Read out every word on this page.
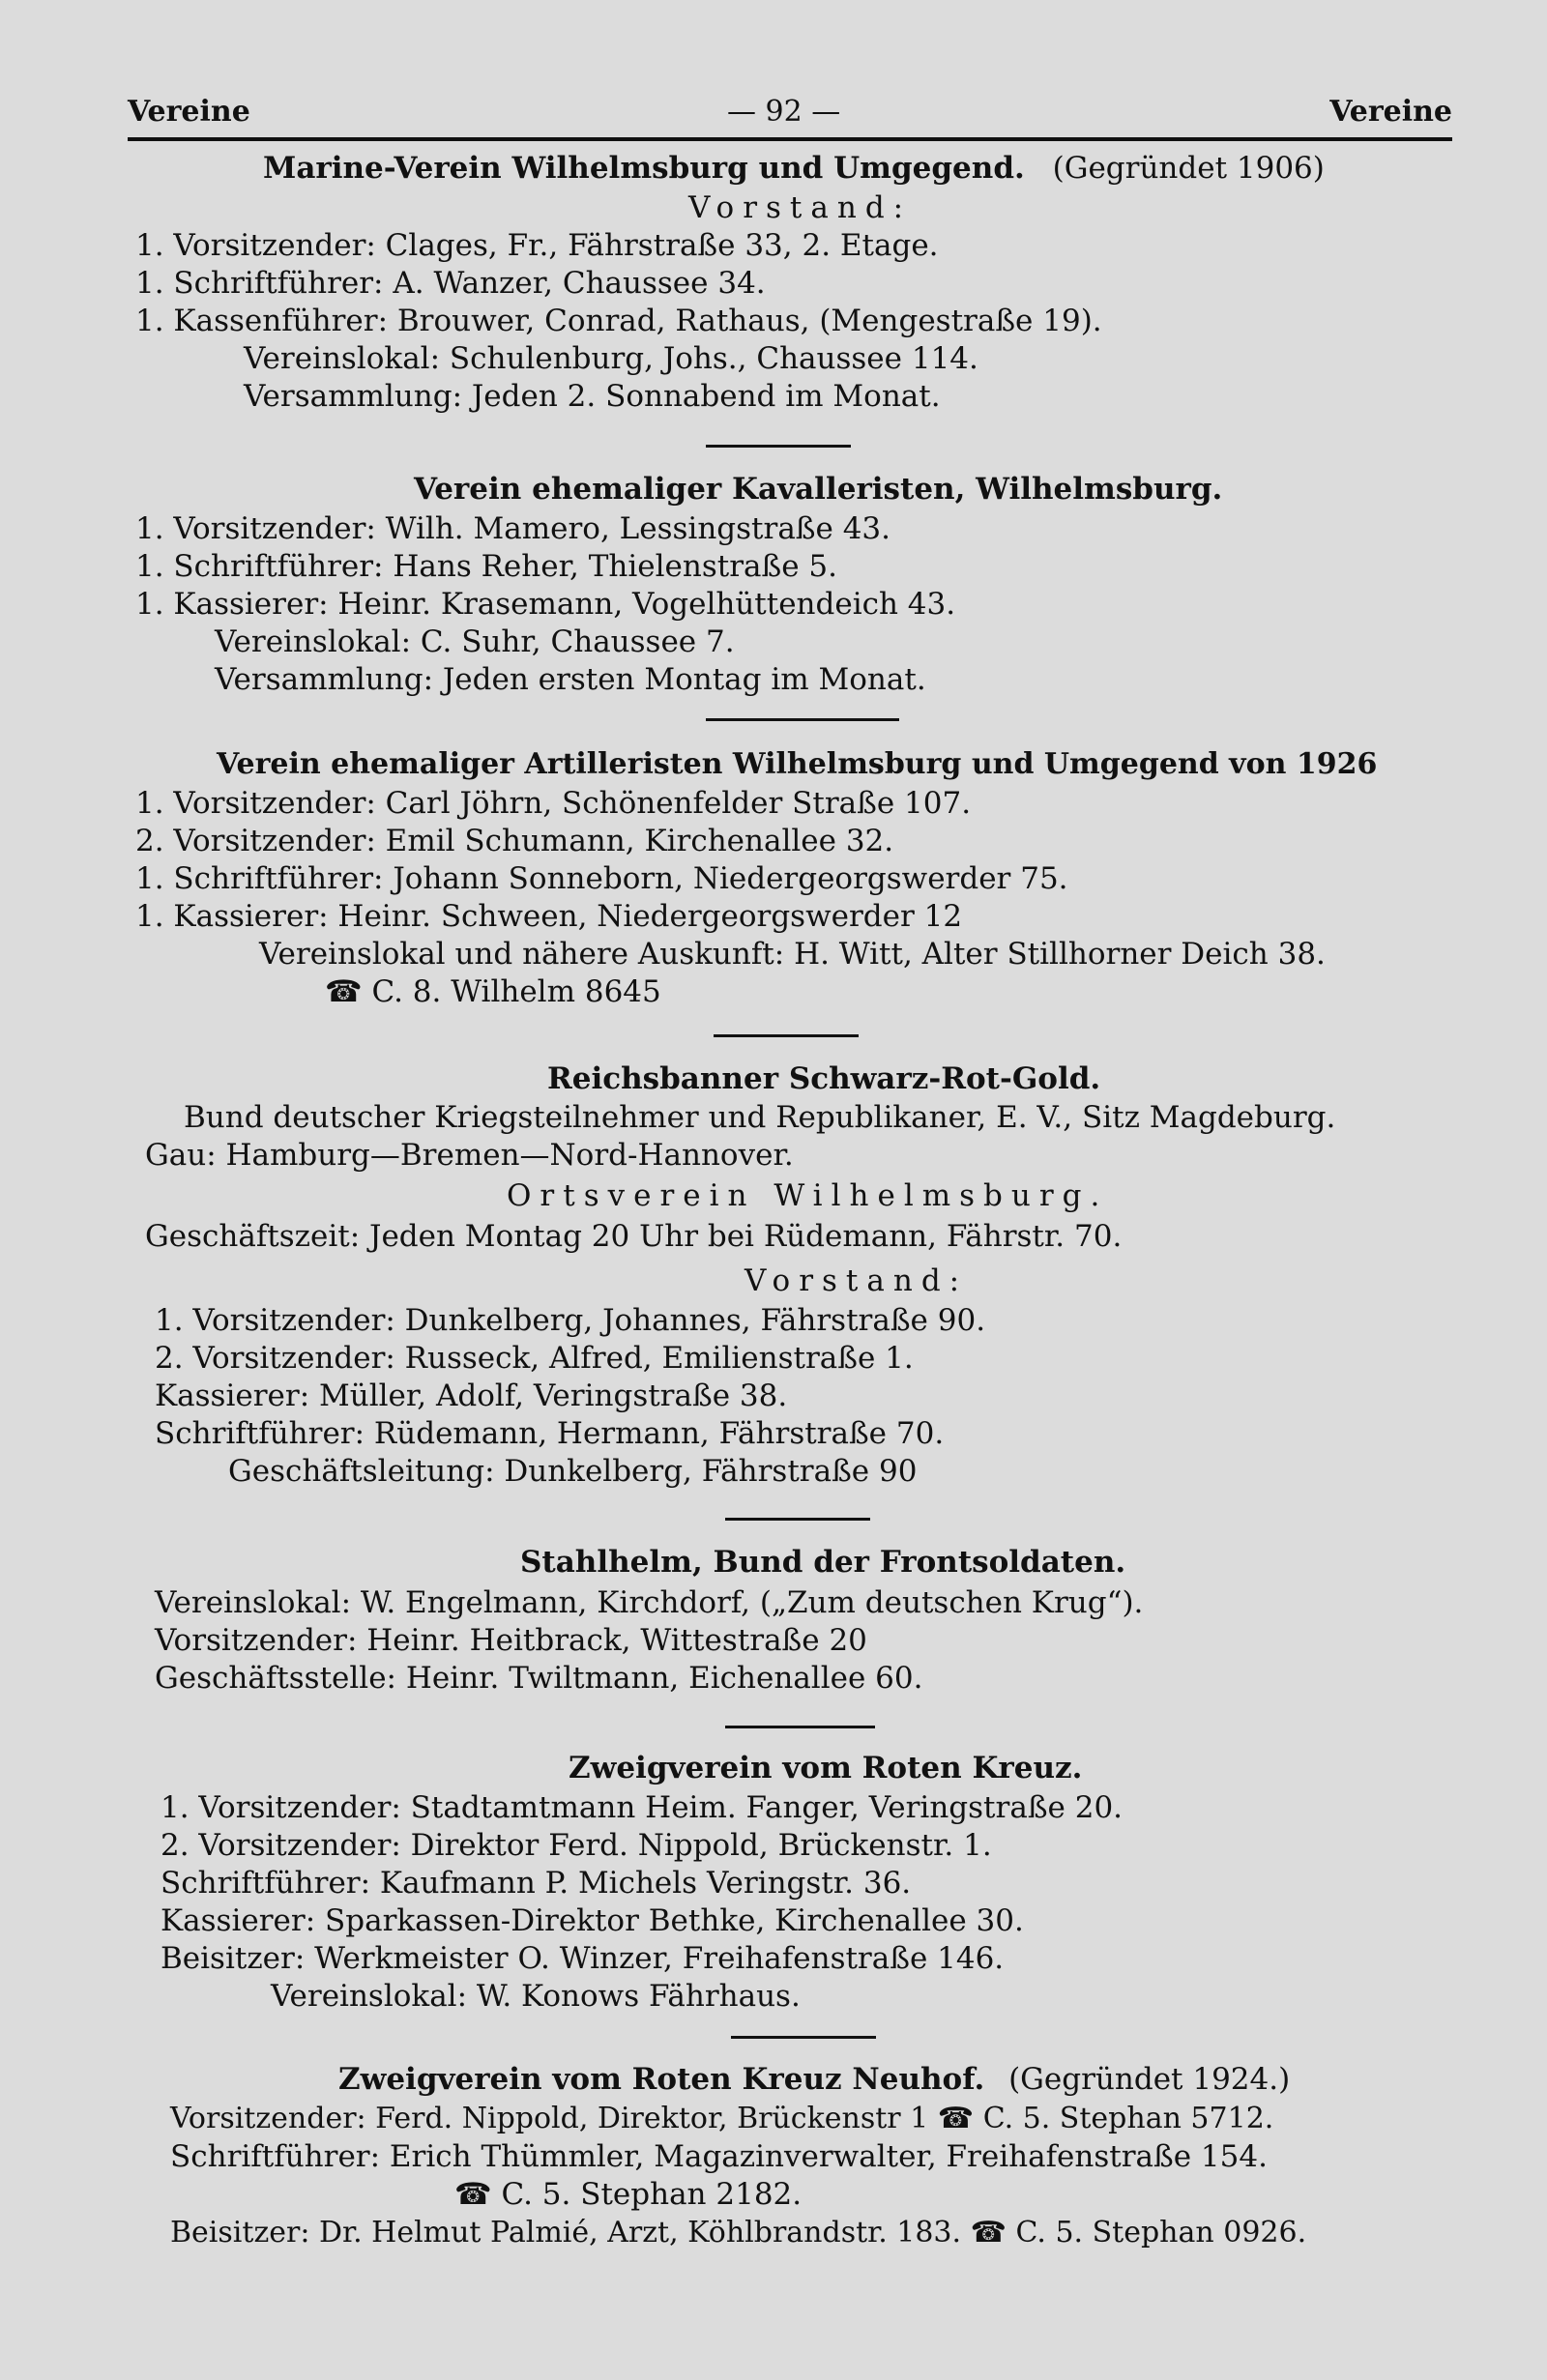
Vereine	— 92 —	Vereine
Marine-Verein Wilhelmsburg und Umgegend. (Gegründet 1906)
Vorstand:
1. Vorsitzender: Clages, Fr., Fährstraße 33, 2. Etage.
1. Schriftführer: A. Wanzer, Chaussee 34.
1. Kassenführer: Brouwer, Conrad, Rathaus, (Mengestraße 19).
Vereinslokal: Schulenburg, Johs., Chaussee 114.
Versammlung: Jeden 2. Sonnabend im Monat.
Verein ehemaliger Kavalleristen, Wilhelmsburg.
1. Vorsitzender: Wilh. Mamero, Lessingstraße 43.
1. Schriftführer: Hans Reher, Thielenstraße 5.
1. Kassierer: Heinr. Krasemann, Vogelhüttendeich 43.
Vereinslokal: C. Suhr, Chaussee 7.
Versammlung: Jeden ersten Montag im Monat.
Verein ehemaliger Artilleristen Wilhelmsburg und Umgegend von 1926
1. Vorsitzender: Carl Jöhrn, Schönenfelder Straße 107.
2. Vorsitzender: Emil Schumann, Kirchenallee 32.
1. Schriftführer: Johann Sonneborn, Niedergeorgswerder 75.
1. Kassierer: Heinr. Schween, Niedergeorgswerder 12
Vereinslokal und nähere Auskunft: H. Witt, Alter Stillhorner Deich 38.
☎ C. 8. Wilhelm 8645
Reichsbanner Schwarz-Rot-Gold.
Bund deutscher Kriegsteilnehmer und Republikaner, E. V., Sitz Magdeburg.
Gau: Hamburg—Bremen—Nord-Hannover.
Ortsverein Wilhelmsburg.
Geschäftszeit: Jeden Montag 20 Uhr bei Rüdemann, Fährstr. 70.
Vorstand:
1. Vorsitzender: Dunkelberg, Johannes, Fährstraße 90.
2. Vorsitzender: Russeck, Alfred, Emilienstraße 1.
Kassierer: Müller, Adolf, Veringstraße 38.
Schriftführer: Rüdemann, Hermann, Fährstraße 70.
Geschäftsleitung: Dunkelberg, Fährstraße 90
Stahlhelm, Bund der Frontsoldaten.
Vereinslokal: W. Engelmann, Kirchdorf, („Zum deutschen Krug“).
Vorsitzender: Heinr. Heitbrack, Wittestraße 20
Geschäftsstelle: Heinr. Twiltmann, Eichenallee 60.
Zweigverein vom Roten Kreuz.
1. Vorsitzender: Stadtamtmann Heim. Fanger, Veringstraße 20.
2. Vorsitzender: Direktor Ferd. Nippold, Brückenstr. 1.
Schriftführer: Kaufmann P. Michels Veringstr. 36.
Kassierer: Sparkassen-Direktor Bethke, Kirchenallee 30.
Beisitzer: Werkmeister O. Winzer, Freihafenstraße 146.
Vereinslokal: W. Konows Fährhaus.
Zweigverein vom Roten Kreuz Neuhof. (Gegründet 1924.)
Vorsitzender: Ferd. Nippold, Direktor, Brückenstr 1 ☎ C. 5. Stephan 5712.
Schriftführer: Erich Thümmler, Magazinverwalter, Freihafenstraße 154.
☎ C. 5. Stephan 2182.
Beisitzer: Dr. Helmut Palmié, Arzt, Köhlbrandstr. 183. ☎ C. 5. Stephan 0926.
